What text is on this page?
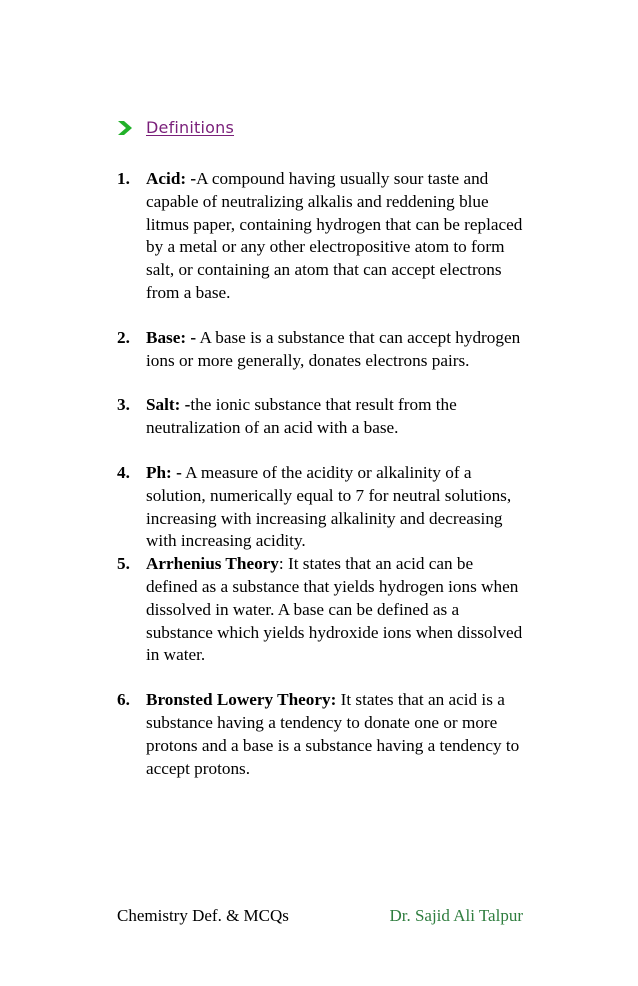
Definitions
1. Acid: -A compound having usually sour taste and capable of neutralizing alkalis and reddening blue litmus paper, containing hydrogen that can be replaced by a metal or any other electropositive atom to form salt, or containing an atom that can accept electrons from a base.
2. Base: - A base is a substance that can accept hydrogen ions or more generally, donates electrons pairs.
3. Salt: -the ionic substance that result from the neutralization of an acid with a base.
4. Ph: - A measure of the acidity or alkalinity of a solution, numerically equal to 7 for neutral solutions, increasing with increasing alkalinity and decreasing with increasing acidity.
5. Arrhenius Theory: It states that an acid can be defined as a substance that yields hydrogen ions when dissolved in water. A base can be defined as a substance which yields hydroxide ions when dissolved in water.
6. Bronsted Lowery Theory: It states that an acid is a substance having a tendency to donate one or more protons and a base is a substance having a tendency to accept protons.
Chemistry Def. & MCQs	Dr. Sajid Ali Talpur
